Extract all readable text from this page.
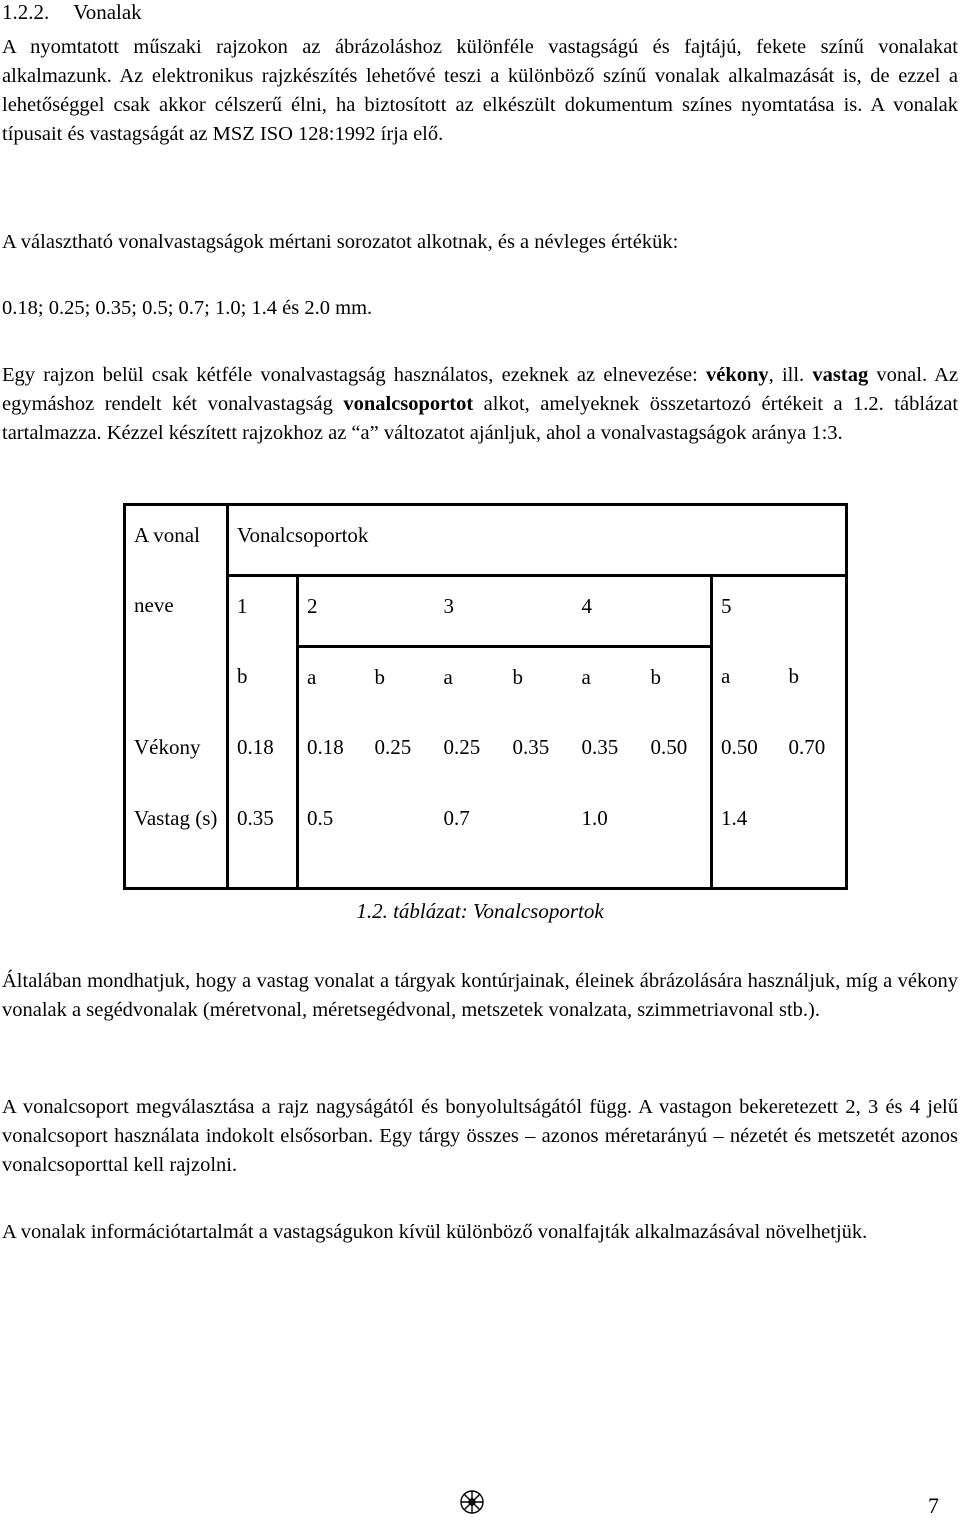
1.2.2. Vonalak

A nyomtatott műszaki rajzokon az ábrázoláshoz különféle vastagságú és fajtájú, fekete színű vonalakat alkalmazunk. Az elektronikus rajzkészítés lehetővé teszi a különböző színű vonalak alkalmazását is, de ezzel a lehetőséggel csak akkor célszerű élni, ha biztosított az elkészült dokumentum színes nyomtatása is. A vonalak típusait és vastagságát az MSZ ISO 128:1992 írja elő.

A választható vonalvastagságok mértani sorozatot alkotnak, és a névleges értékük:

0.18; 0.25; 0.35; 0.5; 0.7; 1.0; 1.4 és 2.0 mm.

Egy rajzon belül csak kétféle vonalvastagság használatos, ezeknek az elnevezése: vékony, ill. vastag vonal. Az egymáshoz rendelt két vonalvastagság vonalcsoportot alkot, amelyeknek összetartozó értékeit a 1.2. táblázat tartalmazza. Kézzel készített rajzokhoz az “a” változatot ajánljuk, ahol a vonalvastagságok aránya 1:3.

A vonal	Vonalcsoportok								
neve	1	2		3		4		5	
	b	a	b	a	b	a	b	a	b
Vékony	0.18	0.18	0.25	0.25	0.35	0.35	0.50	0.50	0.70
Vastag (s)	0.35	0.5		0.7		1.0		1.4	

1.2. táblázat: Vonalcsoportok

Általában mondhatjuk, hogy a vastag vonalat a tárgyak kontúrjainak, éleinek ábrázolására használjuk, míg a vékony vonalak a segédvonalak (méretvonal, méretsegédvonal, metszetek vonalzata, szimmetriavonal stb.).

A vonalcsoport megválasztása a rajz nagyságától és bonyolultságától függ. A vastagon bekeretezett 2, 3 és 4 jelű vonalcsoport használata indokolt elsősorban. Egy tárgy összes – azonos méretarányú – nézetét és metszetét azonos vonalcsoporttal kell rajzolni.

A vonalak információtartalmát a vastagságukon kívül különböző vonalfajták alkalmazásával növelhetjük.

7
